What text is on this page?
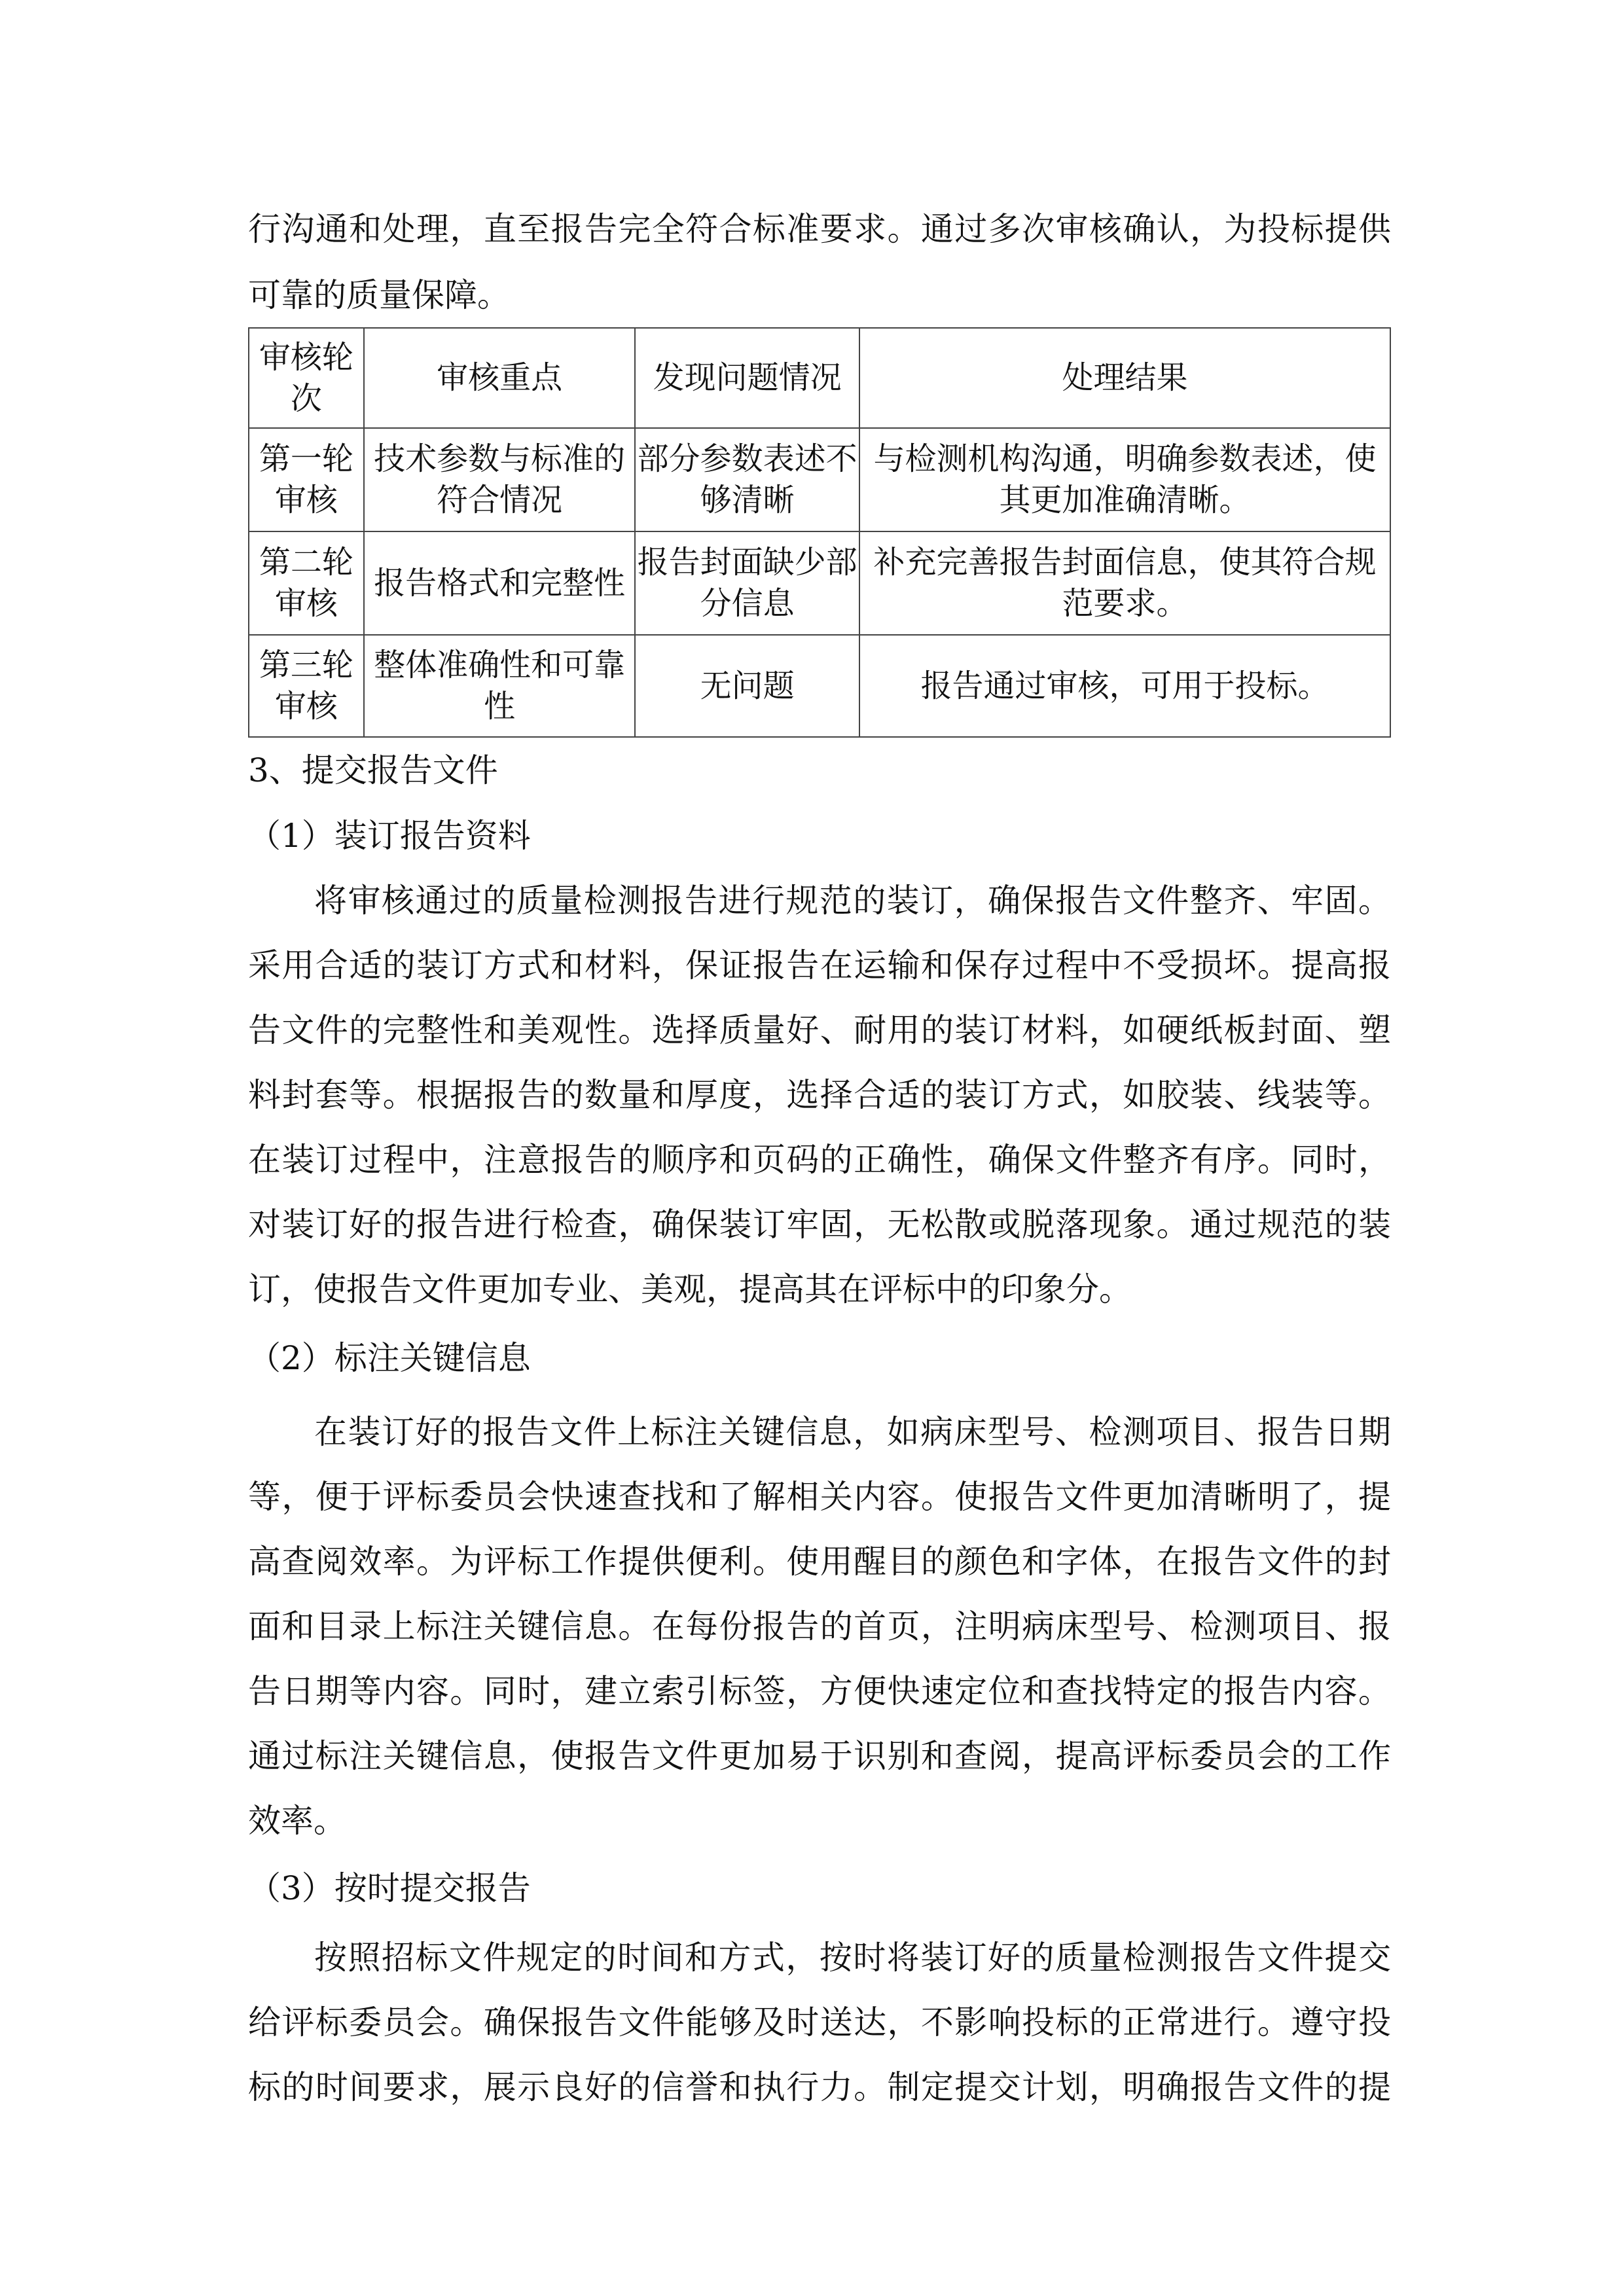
行沟通和处理，直至报告完全符合标准要求。通过多次审核确认，为投标提供
可靠的质量保障。
审核轮次	审核重点	发现问题情况	处理结果
第一轮审核	技术参数与标准的符合情况	部分参数表述不够清晰	与检测机构沟通，明确参数表述，使其更加准确清晰。
第二轮审核	报告格式和完整性	报告封面缺少部分信息	补充完善报告封面信息，使其符合规范要求。
第三轮审核	整体准确性和可靠性	无问题	报告通过审核，可用于投标。
3、提交报告文件
（1）装订报告资料
将审核通过的质量检测报告进行规范的装订，确保报告文件整齐、牢固。
采用合适的装订方式和材料，保证报告在运输和保存过程中不受损坏。提高报
告文件的完整性和美观性。选择质量好、耐用的装订材料，如硬纸板封面、塑
料封套等。根据报告的数量和厚度，选择合适的装订方式，如胶装、线装等。
在装订过程中，注意报告的顺序和页码的正确性，确保文件整齐有序。同时，
对装订好的报告进行检查，确保装订牢固，无松散或脱落现象。通过规范的装
订，使报告文件更加专业、美观，提高其在评标中的印象分。
（2）标注关键信息
在装订好的报告文件上标注关键信息，如病床型号、检测项目、报告日期
等，便于评标委员会快速查找和了解相关内容。使报告文件更加清晰明了，提
高查阅效率。为评标工作提供便利。使用醒目的颜色和字体，在报告文件的封
面和目录上标注关键信息。在每份报告的首页，注明病床型号、检测项目、报
告日期等内容。同时，建立索引标签，方便快速定位和查找特定的报告内容。
通过标注关键信息，使报告文件更加易于识别和查阅，提高评标委员会的工作
效率。
（3）按时提交报告
按照招标文件规定的时间和方式，按时将装订好的质量检测报告文件提交
给评标委员会。确保报告文件能够及时送达，不影响投标的正常进行。遵守投
标的时间要求，展示良好的信誉和执行力。制定提交计划，明确报告文件的提
